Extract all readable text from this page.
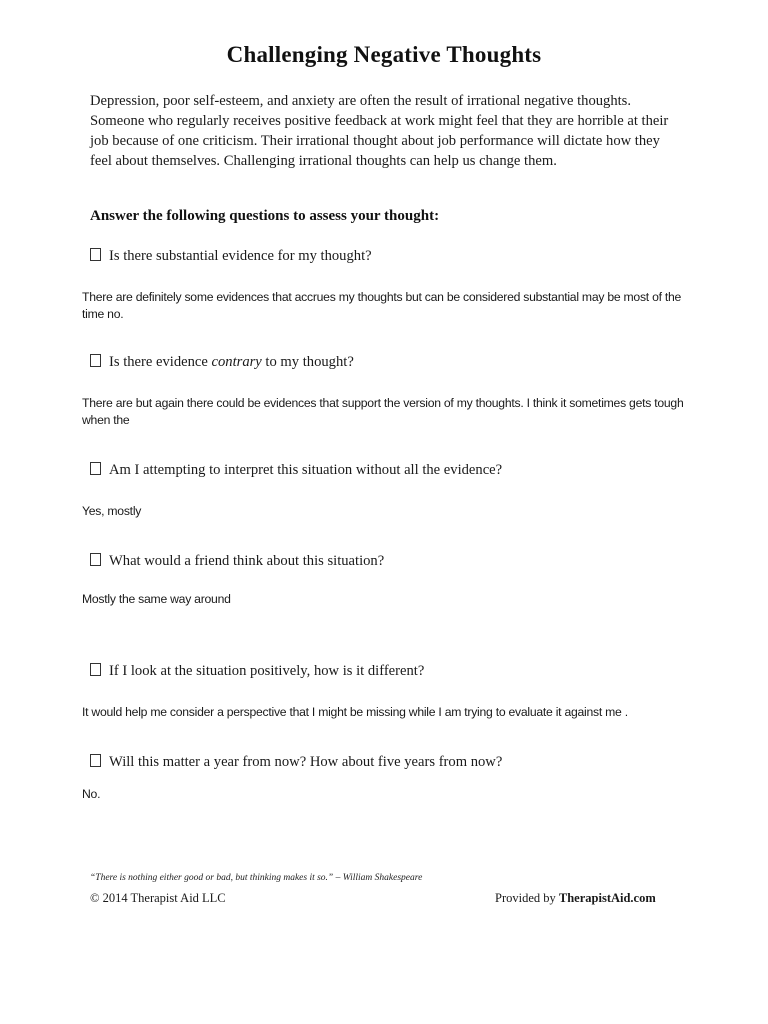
Challenging Negative Thoughts
Depression, poor self-esteem, and anxiety are often the result of irrational negative thoughts. Someone who regularly receives positive feedback at work might feel that they are horrible at their job because of one criticism. Their irrational thought about job performance will dictate how they feel about themselves. Challenging irrational thoughts can help us change them.
Answer the following questions to assess your thought:
Is there substantial evidence for my thought?
There are definitely some evidences that accrues my thoughts but can be considered substantial may be most of the time no.
Is there evidence contrary to my thought?
There are but again there could be evidences that support the version of my thoughts. I think it sometimes gets tough when the
Am I attempting to interpret this situation without all the evidence?
Yes, mostly
What would a friend think about this situation?
Mostly the same way around
If I look at the situation positively, how is it different?
It would help me consider a perspective that I might be missing while I am trying to evaluate it against me .
Will this matter a year from now? How about five years from now?
No.
“There is nothing either good or bad, but thinking makes it so.” – William Shakespeare
© 2014 Therapist Aid LLC	Provided by TherapistAid.com
